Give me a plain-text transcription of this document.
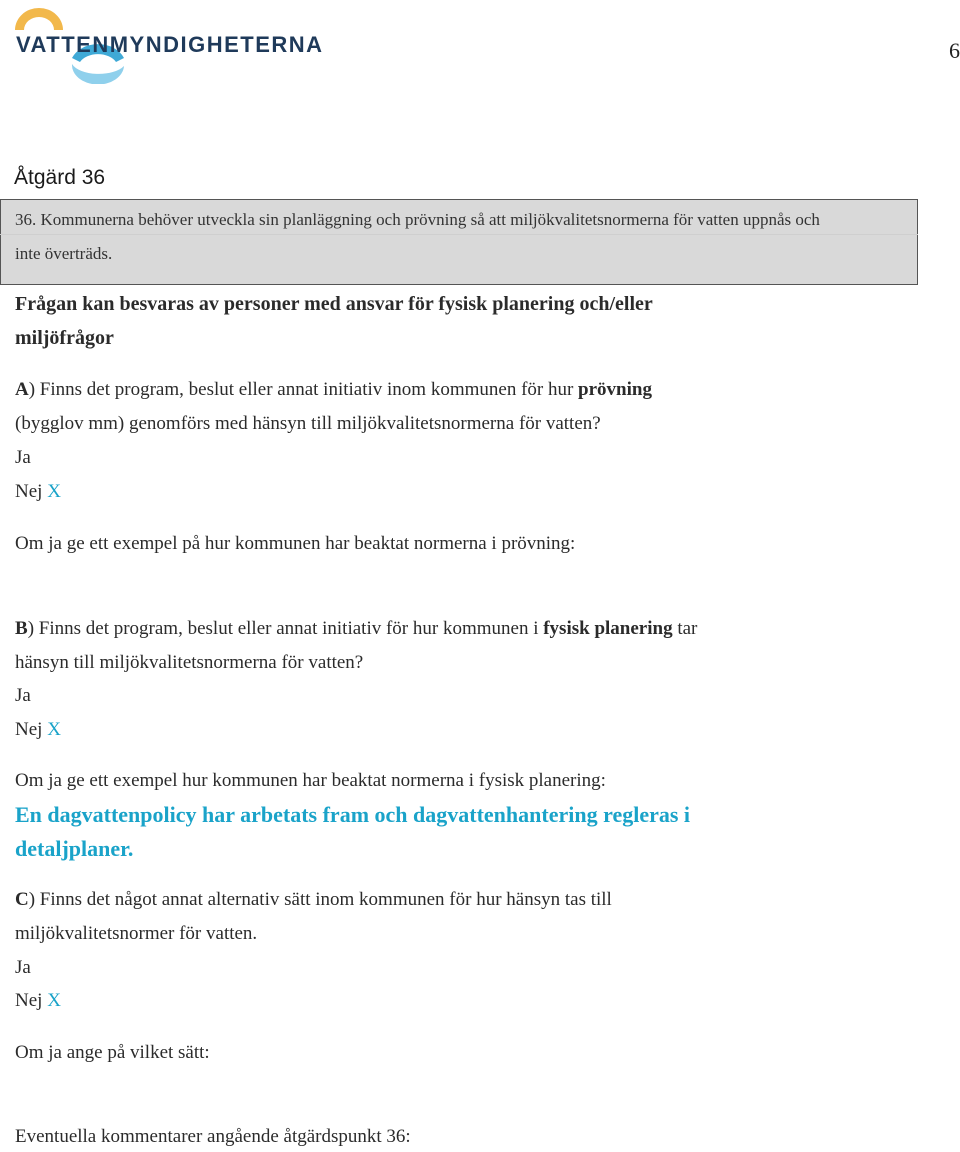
VATTENMYNDIGHETERNA	6
Åtgärd 36
36. Kommunerna behöver utveckla sin planläggning och prövning så att miljökvalitetsnormerna för vatten uppnås och
inte överträds.
Frågan kan besvaras av personer med ansvar för fysisk planering och/eller
miljöfrågor
A) Finns det program, beslut eller annat initiativ inom kommunen för hur prövning
(bygglov mm) genomförs med hänsyn till miljökvalitetsnormerna för vatten?
Ja
Nej X
Om ja ge ett exempel på hur kommunen har beaktat normerna i prövning:
B) Finns det program, beslut eller annat initiativ för hur kommunen i fysisk planering tar
hänsyn till miljökvalitetsnormerna för vatten?
Ja
Nej X
Om ja ge ett exempel hur kommunen har beaktat normerna i fysisk planering:
En dagvattenpolicy har arbetats fram och dagvattenhantering regleras i
detaljplaner.
C) Finns det något annat alternativ sätt inom kommunen för hur hänsyn tas till
miljökvalitetsnormer för vatten.
Ja
Nej X
Om ja ange på vilket sätt:
Eventuella kommentarer angående åtgärdspunkt 36:
